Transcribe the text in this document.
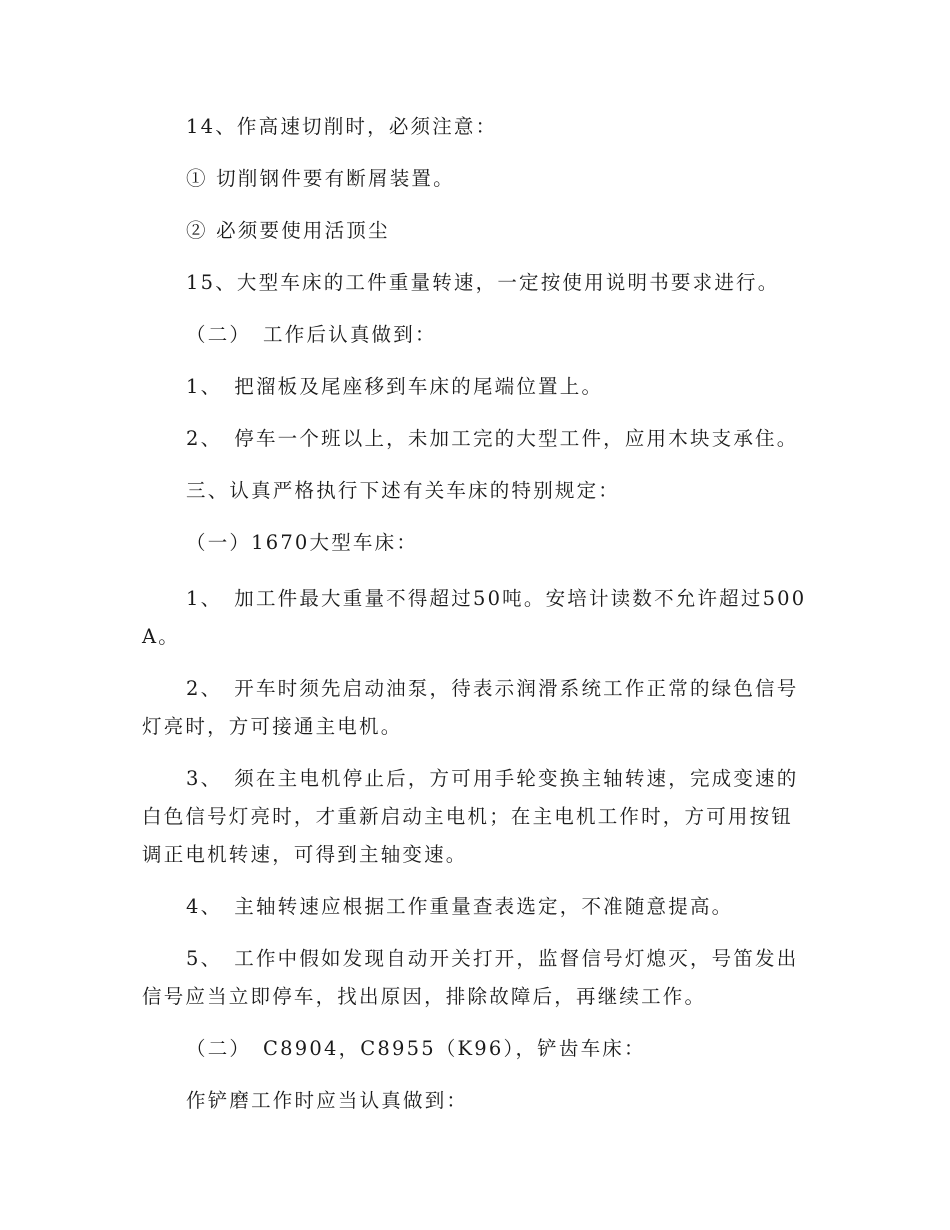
14、作高速切削时，必须注意：

① 切削钢件要有断屑装置。

② 必须要使用活顶尘

15、大型车床的工件重量转速，一定按使用说明书要求进行。

（二）　工作后认真做到：

1、　把溜板及尾座移到车床的尾端位置上。

2、　停车一个班以上，未加工完的大型工件，应用木块支承住。

三、认真严格执行下述有关车床的特别规定：

（一）1670大型车床：

1、　加工件最大重量不得超过50吨。安培计读数不允许超过500A。

2、　开车时须先启动油泵，待表示润滑系统工作正常的绿色信号灯亮时，方可接通主电机。

3、　须在主电机停止后，方可用手轮变换主轴转速，完成变速的白色信号灯亮时，才重新启动主电机；在主电机工作时，方可用按钮调正电机转速，可得到主轴变速。

4、　主轴转速应根据工作重量查表选定，不准随意提高。

5、　工作中假如发现自动开关打开，监督信号灯熄灭，号笛发出信号应当立即停车，找出原因，排除故障后，再继续工作。

（二）　C8904，C8955（K96），铲齿车床：

作铲磨工作时应当认真做到：
